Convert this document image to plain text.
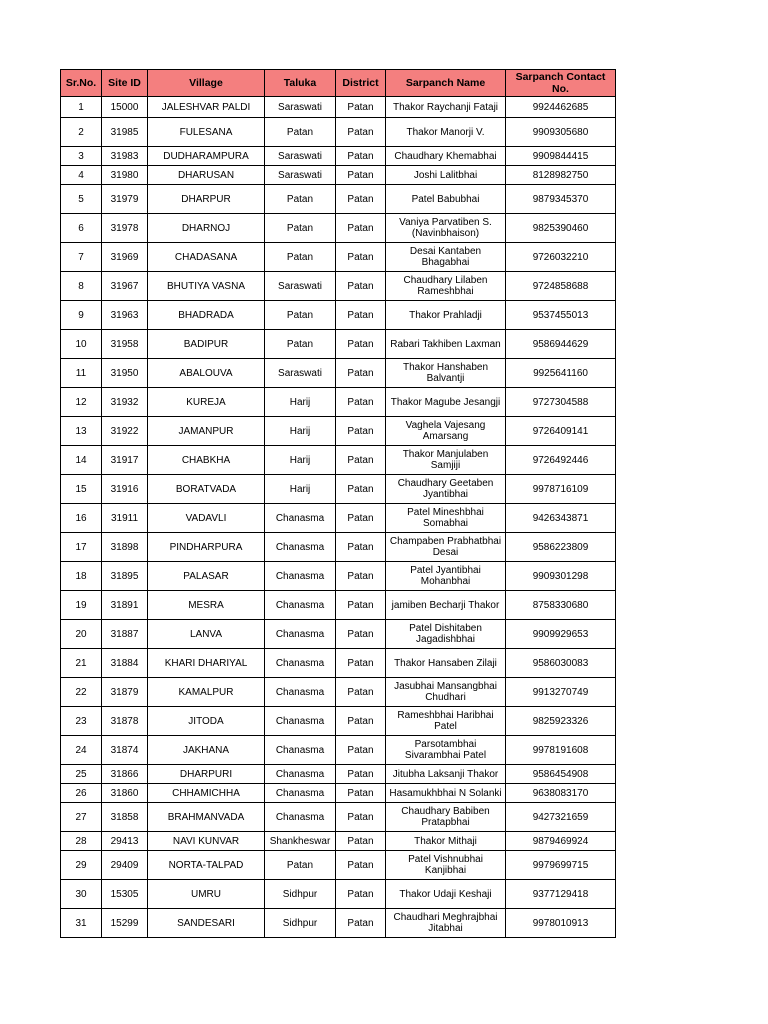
Sr.No.	Site ID	Village	Taluka	District	Sarpanch Name	Sarpanch Contact No.
1	15000	JALESHVAR PALDI	Saraswati	Patan	Thakor Raychanji Fataji	9924462685
2	31985	FULESANA	Patan	Patan	Thakor Manorji V.	9909305680
3	31983	DUDHARAMPURA	Saraswati	Patan	Chaudhary Khemabhai	9909844415
4	31980	DHARUSAN	Saraswati	Patan	Joshi Lalitbhai	8128982750
5	31979	DHARPUR	Patan	Patan	Patel Babubhai	9879345370
6	31978	DHARNOJ	Patan	Patan	Vaniya Parvatiben S. (Navinbhaison)	9825390460
7	31969	CHADASANA	Patan	Patan	Desai Kantaben Bhagabhai	9726032210
8	31967	BHUTIYA VASNA	Saraswati	Patan	Chaudhary Lilaben Rameshbhai	9724858688
9	31963	BHADRADA	Patan	Patan	Thakor Prahladji	9537455013
10	31958	BADIPUR	Patan	Patan	Rabari Takhiben Laxman	9586944629
11	31950	ABALOUVA	Saraswati	Patan	Thakor Hanshaben Balvantji	9925641160
12	31932	KUREJA	Harij	Patan	Thakor Magube Jesangji	9727304588
13	31922	JAMANPUR	Harij	Patan	Vaghela Vajesang Amarsang	9726409141
14	31917	CHABKHA	Harij	Patan	Thakor Manjulaben Samjiji	9726492446
15	31916	BORATVADA	Harij	Patan	Chaudhary Geetaben Jyantibhai	9978716109
16	31911	VADAVLI	Chanasma	Patan	Patel Mineshbhai Somabhai	9426343871
17	31898	PINDHARPURA	Chanasma	Patan	Champaben Prabhatbhai Desai	9586223809
18	31895	PALASAR	Chanasma	Patan	Patel Jyantibhai Mohanbhai	9909301298
19	31891	MESRA	Chanasma	Patan	jamiben Becharji Thakor	8758330680
20	31887	LANVA	Chanasma	Patan	Patel Dishitaben Jagadishbhai	9909929653
21	31884	KHARI DHARIYAL	Chanasma	Patan	Thakor Hansaben Zilaji	9586030083
22	31879	KAMALPUR	Chanasma	Patan	Jasubhai Mansangbhai Chudhari	9913270749
23	31878	JITODA	Chanasma	Patan	Rameshbhai Haribhai Patel	9825923326
24	31874	JAKHANA	Chanasma	Patan	Parsotambhai Sivarambhai Patel	9978191608
25	31866	DHARPURI	Chanasma	Patan	Jitubha Laksanji Thakor	9586454908
26	31860	CHHAMICHHA	Chanasma	Patan	Hasamukhbhai N Solanki	9638083170
27	31858	BRAHMANVADA	Chanasma	Patan	Chaudhary Babiben Pratapbhai	9427321659
28	29413	NAVI KUNVAR	Shankheswar	Patan	Thakor Mithaji	9879469924
29	29409	NORTA-TALPAD	Patan	Patan	Patel Vishnubhai Kanjibhai	9979699715
30	15305	UMRU	Sidhpur	Patan	Thakor Udaji Keshaji	9377129418
31	15299	SANDESARI	Sidhpur	Patan	Chaudhari Meghrajbhai Jitabhai	9978010913
